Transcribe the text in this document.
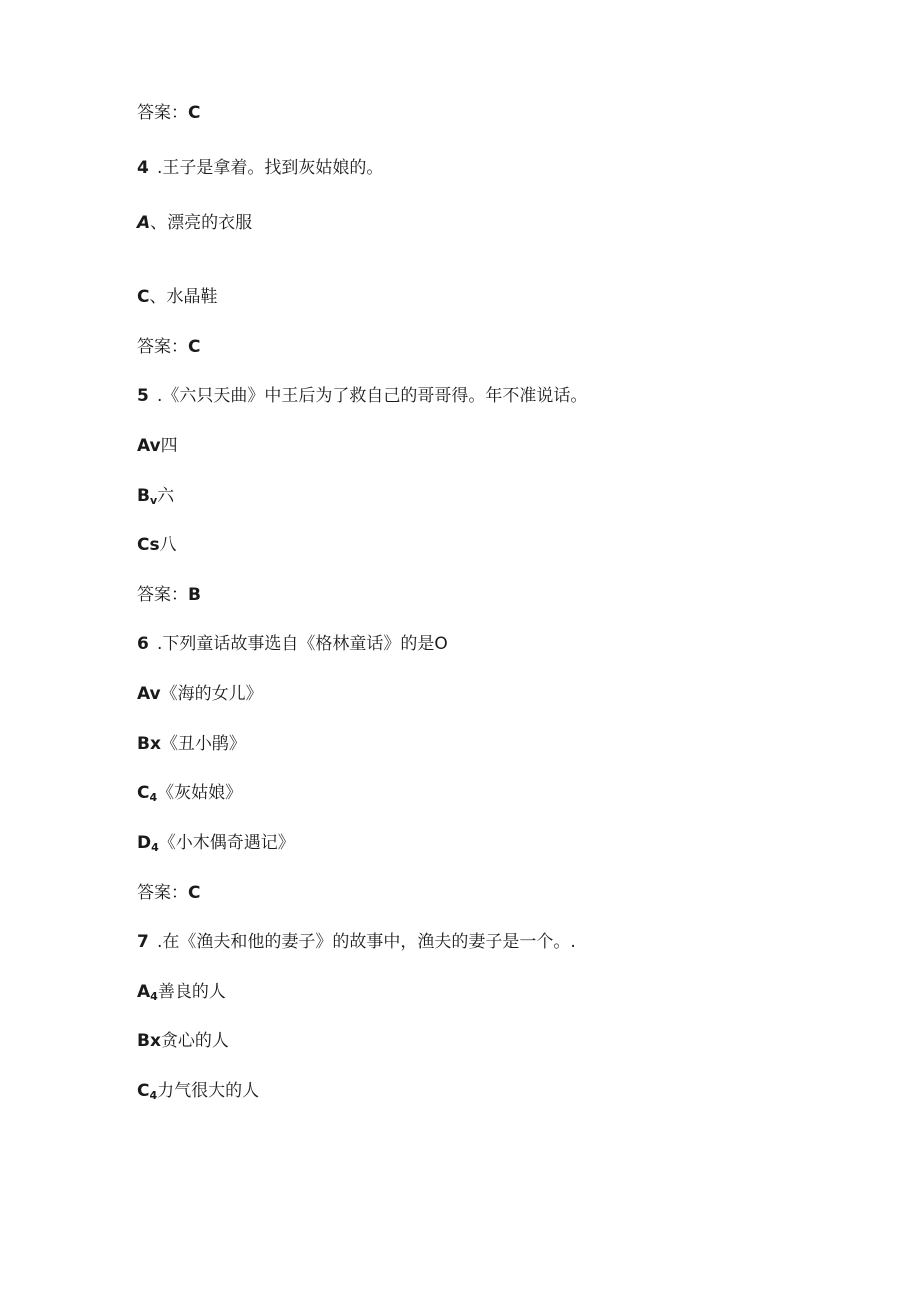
答案：C
4 .王子是拿着。找到灰姑娘的。
A、漂亮的衣服
C、水晶鞋
答案：C
5 .《六只天曲》中王后为了救自己的哥哥得。年不准说话。
Av四
$B_v$六
Cs八
答案：B
6 .下列童话故事选自《格林童话》的是O
Av《海的女儿》
Bx《丑小鹃》
$C_4$《灰姑娘》
$D_4$《小木偶奇遇记》
答案：C
7 .在《渔夫和他的妻子》的故事中，渔夫的妻子是一个。.
$A_4$善良的人
Bx贪心的人
$C_4$力气很大的人
